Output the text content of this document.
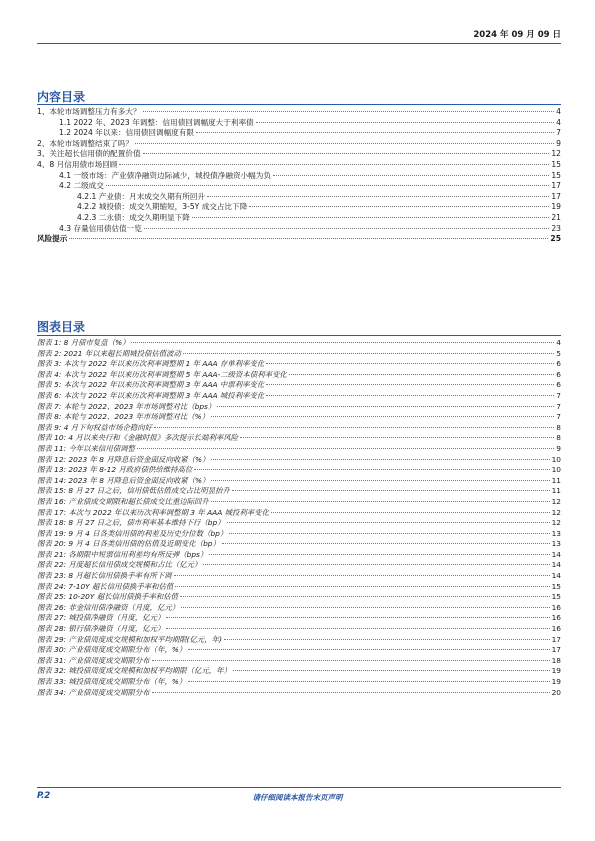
2024 年 09 月 09 日
内容目录
1、本轮市场调整压力有多大？	4
1.1 2022 年、2023 年调整：信用债回调幅度大于利率债	4
1.2 2024 年以来：信用债回调幅度有限	7
2、本轮市场调整结束了吗？	9
3、关注超长信用债的配置价值	12
4、8 月信用债市场回顾	15
4.1 一级市场：产业债净融资边际减少，城投债净融资小幅为负	15
4.2 二级成交	17
4.2.1 产业债：月末成交久期有所回升	17
4.2.2 城投债：成交久期缩短，3-5Y 成交占比下降	19
4.2.3 二永债：成交久期明显下降	21
4.3 存量信用债估值一览	23
风险提示	25
图表目录
图表 1: 8 月债市复盘（%）	4
图表 2: 2021 年以来超长期城投债估值波动	5
图表 3: 本次与 2022 年以来历次利率调整期 1 年 AAA 存单利率变化	6
图表 4: 本次与 2022 年以来历次利率调整期 5 年 AAA-二级资本债利率变化	6
图表 5: 本次与 2022 年以来历次利率调整期 3 年 AAA 中票利率变化	6
图表 6: 本次与 2022 年以来历次利率调整期 3 年 AAA 城投利率变化	7
图表 7: 本轮与 2022、2023 年市场调整对比（bps）	7
图表 8: 本轮与 2022、2023 年市场调整对比（%）	7
图表 9: 4 月下旬权益市场企稳向好	8
图表 10: 4 月以来央行和《金融时报》多次提示长端利率风险	8
图表 11: 今年以来信用债调整	9
图表 12: 2023 年 8 月降息后资金面反向收紧（%）	10
图表 13: 2023 年 8-12 月政府债供给维持高位	10
图表 14: 2023 年 8 月降息后资金面反向收紧（%）	11
图表 15: 8 月 27 日之后，信用债低估值成交占比明显抬升	11
图表 16: 产业债成交期限和超长债成交比重边际回升	12
图表 17: 本次与 2022 年以来历次利率调整期 3 年 AAA 城投利率变化	12
图表 18: 8 月 27 日之后，债市利率基本维持下行（bp）	12
图表 19: 9 月 4 日各类信用债的利差及历史分位数（bp）	13
图表 20: 9 月 4 日各类信用债的估值及近期变化（bp）	13
图表 21: 各期限中短票信用利差均有所反弹（bps）	14
图表 22: 月度超长信用债成交规模和占比（亿元）	14
图表 23: 8 月超长信用债换手率有所下调	14
图表 24: 7-10Y 超长信用债换手率和估值	15
图表 25: 10-20Y 超长信用债换手率和估值	15
图表 26: 非金信用债净融资（月度，亿元）	16
图表 27: 城投债净融资（月度，亿元）	16
图表 28: 银行债净融资（月度，亿元）	16
图表 29: 产业债周度成交规模和加权平均期限(亿元，年)	17
图表 30: 产业债周度成交期限分布（年，%）	17
图表 31: 产业债周度成交期限分布	18
图表 32: 城投债周度成交规模和加权平均期限（亿元，年）	19
图表 33: 城投债周度成交期限分布（年，%）	19
图表 34: 产业债周度成交期限分布	20
P.2	请仔细阅读本报告末页声明
